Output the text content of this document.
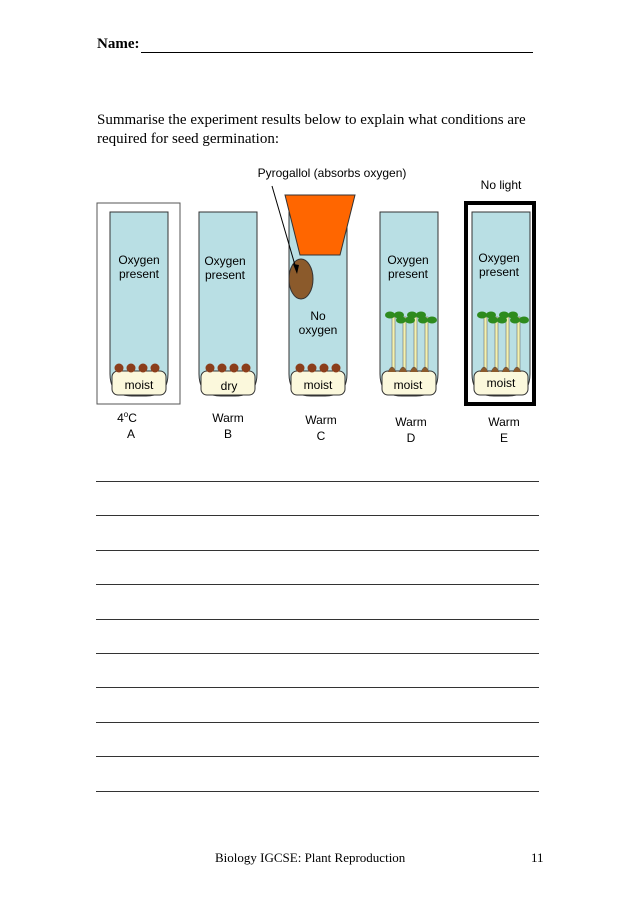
Name:
Summarise the experiment results below to explain what conditions are required for seed germination:
Pyrogallol (absorbs oxygen)
No light
Oxygen
present
moist
4$^o$C
A
Oxygen
present
dry
Warm
B
No
oxygen
moist
Warm
C
Oxygen
present
moist
Warm
D
Oxygen
present
moist
Warm
E
Biology IGCSE: Plant Reproduction	11
